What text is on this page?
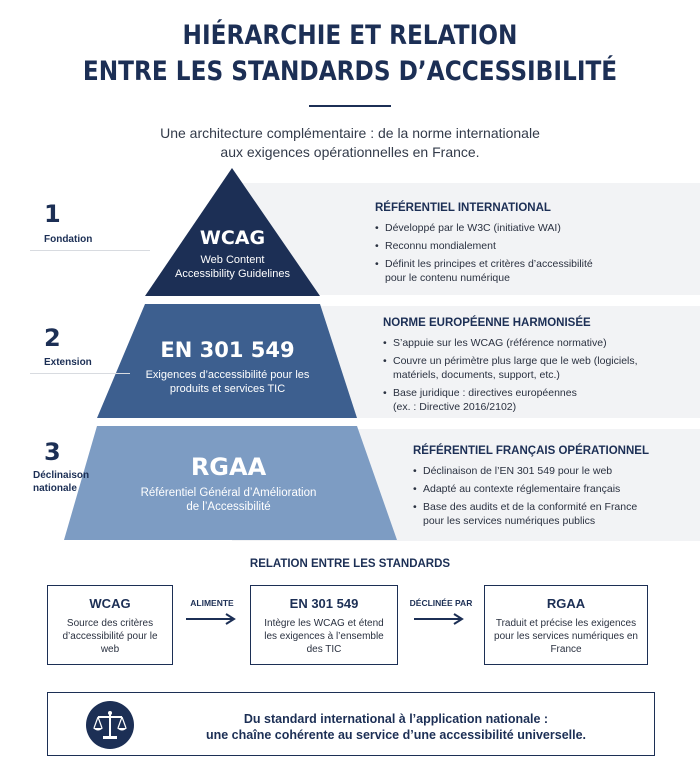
HIÉRARCHIE ET RELATION
ENTRE LES STANDARDS D’ACCESSIBILITÉ
Une architecture complémentaire : de la norme internationale
aux exigences opérationnelles en France.
1
Fondation
2
Extension
3
Déclinaison
nationale
WCAG
Web Content
Accessibility Guidelines
EN 301 549
Exigences d’accessibilité pour les
produits et services TIC
RGAA
Référentiel Général d’Amélioration
de l’Accessibilité
RÉFÉRENTIEL INTERNATIONAL
• Développé par le W3C (initiative WAI)
• Reconnu mondialement
• Définit les principes et critères d’accessibilité pour le contenu numérique
NORME EUROPÉENNE HARMONISÉE
• S’appuie sur les WCAG (référence normative)
• Couvre un périmètre plus large que le web (logiciels, matériels, documents, support, etc.)
• Base juridique : directives européennes (ex. : Directive 2016/2102)
RÉFÉRENTIEL FRANÇAIS OPÉRATIONNEL
• Déclinaison de l’EN 301 549 pour le web
• Adapté au contexte réglementaire français
• Base des audits et de la conformité en France pour les services numériques publics
RELATION ENTRE LES STANDARDS
WCAG
Source des critères d’accessibilité pour le web
ALIMENTE	EN 301 549
Intègre les WCAG et étend les exigences à l’ensemble des TIC
DÉCLINÉE PAR	RGAA
Traduit et précise les exigences pour les services numériques en France
Du standard international à l’application nationale :
une chaîne cohérente au service d’une accessibilité universelle.
